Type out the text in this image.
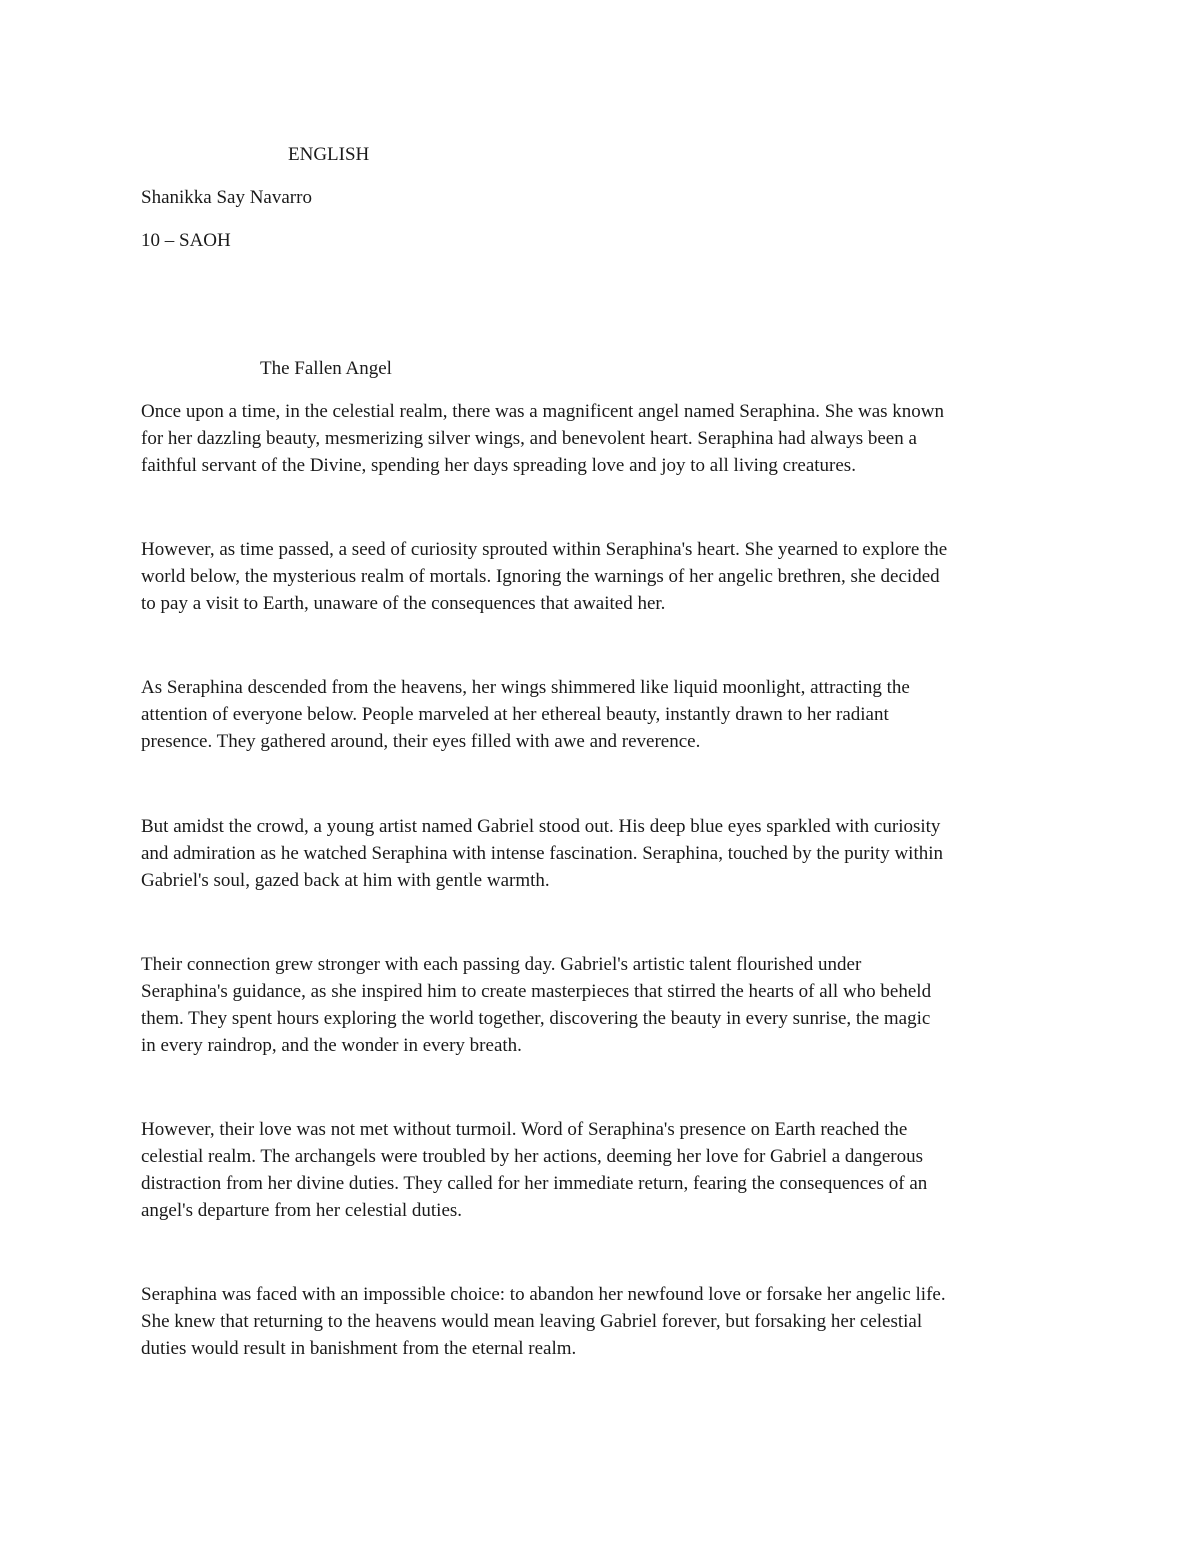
ENGLISH
Shanikka Say Navarro
10 – SAOH
The Fallen Angel

Once upon a time, in the celestial realm, there was a magnificent angel named Seraphina. She was known

for her dazzling beauty, mesmerizing silver wings, and benevolent heart. Seraphina had always been a

faithful servant of the Divine, spending her days spreading love and joy to all living creatures.

However, as time passed, a seed of curiosity sprouted within Seraphina's heart. She yearned to explore the

world below, the mysterious realm of mortals. Ignoring the warnings of her angelic brethren, she decided

to pay a visit to Earth, unaware of the consequences that awaited her.

As Seraphina descended from the heavens, her wings shimmered like liquid moonlight, attracting the

attention of everyone below. People marveled at her ethereal beauty, instantly drawn to her radiant

presence. They gathered around, their eyes filled with awe and reverence.

But amidst the crowd, a young artist named Gabriel stood out. His deep blue eyes sparkled with curiosity

and admiration as he watched Seraphina with intense fascination. Seraphina, touched by the purity within

Gabriel's soul, gazed back at him with gentle warmth.

Their connection grew stronger with each passing day. Gabriel's artistic talent flourished under

Seraphina's guidance, as she inspired him to create masterpieces that stirred the hearts of all who beheld

them. They spent hours exploring the world together, discovering the beauty in every sunrise, the magic

in every raindrop, and the wonder in every breath.

However, their love was not met without turmoil. Word of Seraphina's presence on Earth reached the

celestial realm. The archangels were troubled by her actions, deeming her love for Gabriel a dangerous

distraction from her divine duties. They called for her immediate return, fearing the consequences of an

angel's departure from her celestial duties.

Seraphina was faced with an impossible choice: to abandon her newfound love or forsake her angelic life.

She knew that returning to the heavens would mean leaving Gabriel forever, but forsaking her celestial

duties would result in banishment from the eternal realm.
